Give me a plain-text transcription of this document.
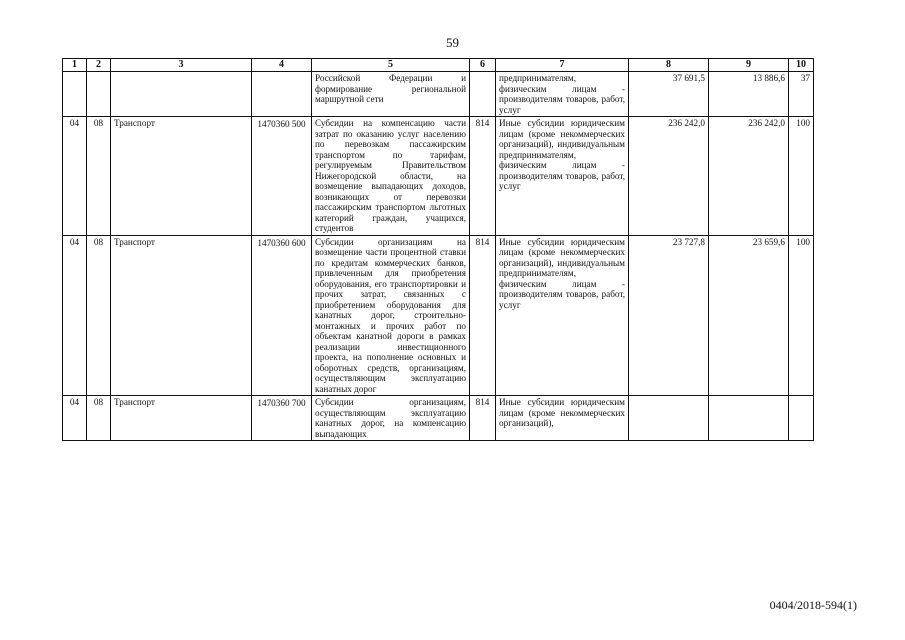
59
1	2	3	4	5	6	7	8	9	10
				Российской Федерации и формирование региональной маршрутной сети		предпринимателям, физическим лицам - производителям товаров, работ, услуг	37 691,5	13 886,6	37
04	08	Транспорт	1470360 500	Субсидии на компенсацию части затрат по оказанию услуг населению по перевозкам пассажирским транспортом по тарифам, регулируемым Правительством Нижегородской области, на возмещение выпадающих доходов, возникающих от перевозки пассажирским транспортом льготных категорий граждан, учащихся, студентов	814	Иные субсидии юридическим лицам (кроме некоммерческих организаций), индивидуальным предпринимателям, физическим лицам - производителям товаров, работ, услуг	236 242,0	236 242,0	100
04	08	Транспорт	1470360 600	Субсидии организациям на возмещение части процентной ставки по кредитам коммерческих банков, привлеченным для приобретения оборудования, его транспортировки и прочих затрат, связанных с приобретением оборудования для канатных дорог, строительно-монтажных и прочих работ по объектам канатной дороги в рамках реализации инвестиционного проекта, на пополнение основных и оборотных средств, организациям, осуществляющим эксплуатацию канатных дорог	814	Иные субсидии юридическим лицам (кроме некоммерческих организаций), индивидуальным предпринимателям, физическим лицам - производителям товаров, работ, услуг	23 727,8	23 659,6	100
04	08	Транспорт	1470360 700	Субсидии организациям, осуществляющим эксплуатацию канатных дорог, на компенсацию выпадающих	814	Иные субсидии юридическим лицам (кроме некоммерческих организаций),			
0404/2018-594(1)
